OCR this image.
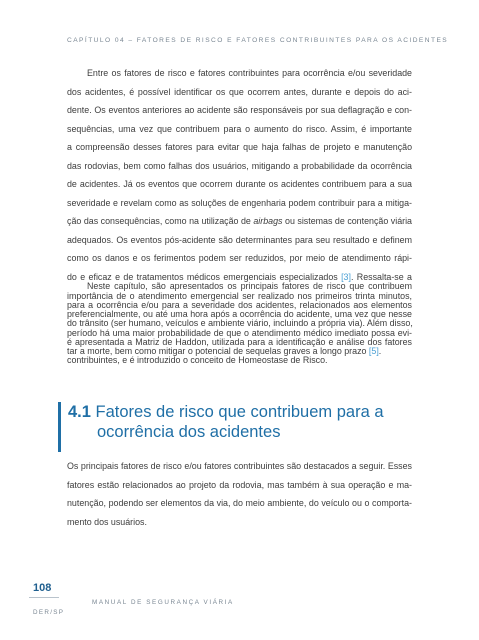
CAPÍTULO 04 – FATORES DE RISCO E FATORES CONTRIBUINTES PARA OS ACIDENTES
Entre os fatores de risco e fatores contribuintes para ocorrência e/ou severidade
dos acidentes, é possível identificar os que ocorrem antes, durante e depois do aci-
dente. Os eventos anteriores ao acidente são responsáveis por sua deflagração e con-
sequências, uma vez que contribuem para o aumento do risco. Assim, é importante
a compreensão desses fatores para evitar que haja falhas de projeto e manutenção
das rodovias, bem como falhas dos usuários, mitigando a probabilidade da ocorrência
de acidentes. Já os eventos que ocorrem durante os acidentes contribuem para a sua
severidade e revelam como as soluções de engenharia podem contribuir para a mitiga-
ção das consequências, como na utilização de airbags ou sistemas de contenção viária
adequados. Os eventos pós-acidente são determinantes para seu resultado e definem
como os danos e os ferimentos podem ser reduzidos, por meio de atendimento rápi-
do e eficaz e de tratamentos médicos emergenciais especializados [3]. Ressalta-se a
importância de o atendimento emergencial ser realizado nos primeiros trinta minutos,
preferencialmente, ou até uma hora após a ocorrência do acidente, uma vez que nesse
período há uma maior probabilidade de que o atendimento médico imediato possa evi-
tar a morte, bem como mitigar o potencial de sequelas graves a longo prazo [5].
Neste capítulo, são apresentados os principais fatores de risco que contribuem
para a ocorrência e/ou para a severidade dos acidentes, relacionados aos elementos
do trânsito (ser humano, veículos e ambiente viário, incluindo a própria via). Além disso,
é apresentada a Matriz de Haddon, utilizada para a identificação e análise dos fatores
contribuintes, e é introduzido o conceito de Homeostase de Risco.
4.1 Fatores de risco que contribuem para a
ocorrência dos acidentes
Os principais fatores de risco e/ou fatores contribuintes são destacados a seguir. Esses
fatores estão relacionados ao projeto da rodovia, mas também à sua operação e ma-
nutenção, podendo ser elementos da via, do meio ambiente, do veículo ou o comporta-
mento dos usuários.
108
MANUAL DE SEGURANÇA VIÁRIA
DER/SP
